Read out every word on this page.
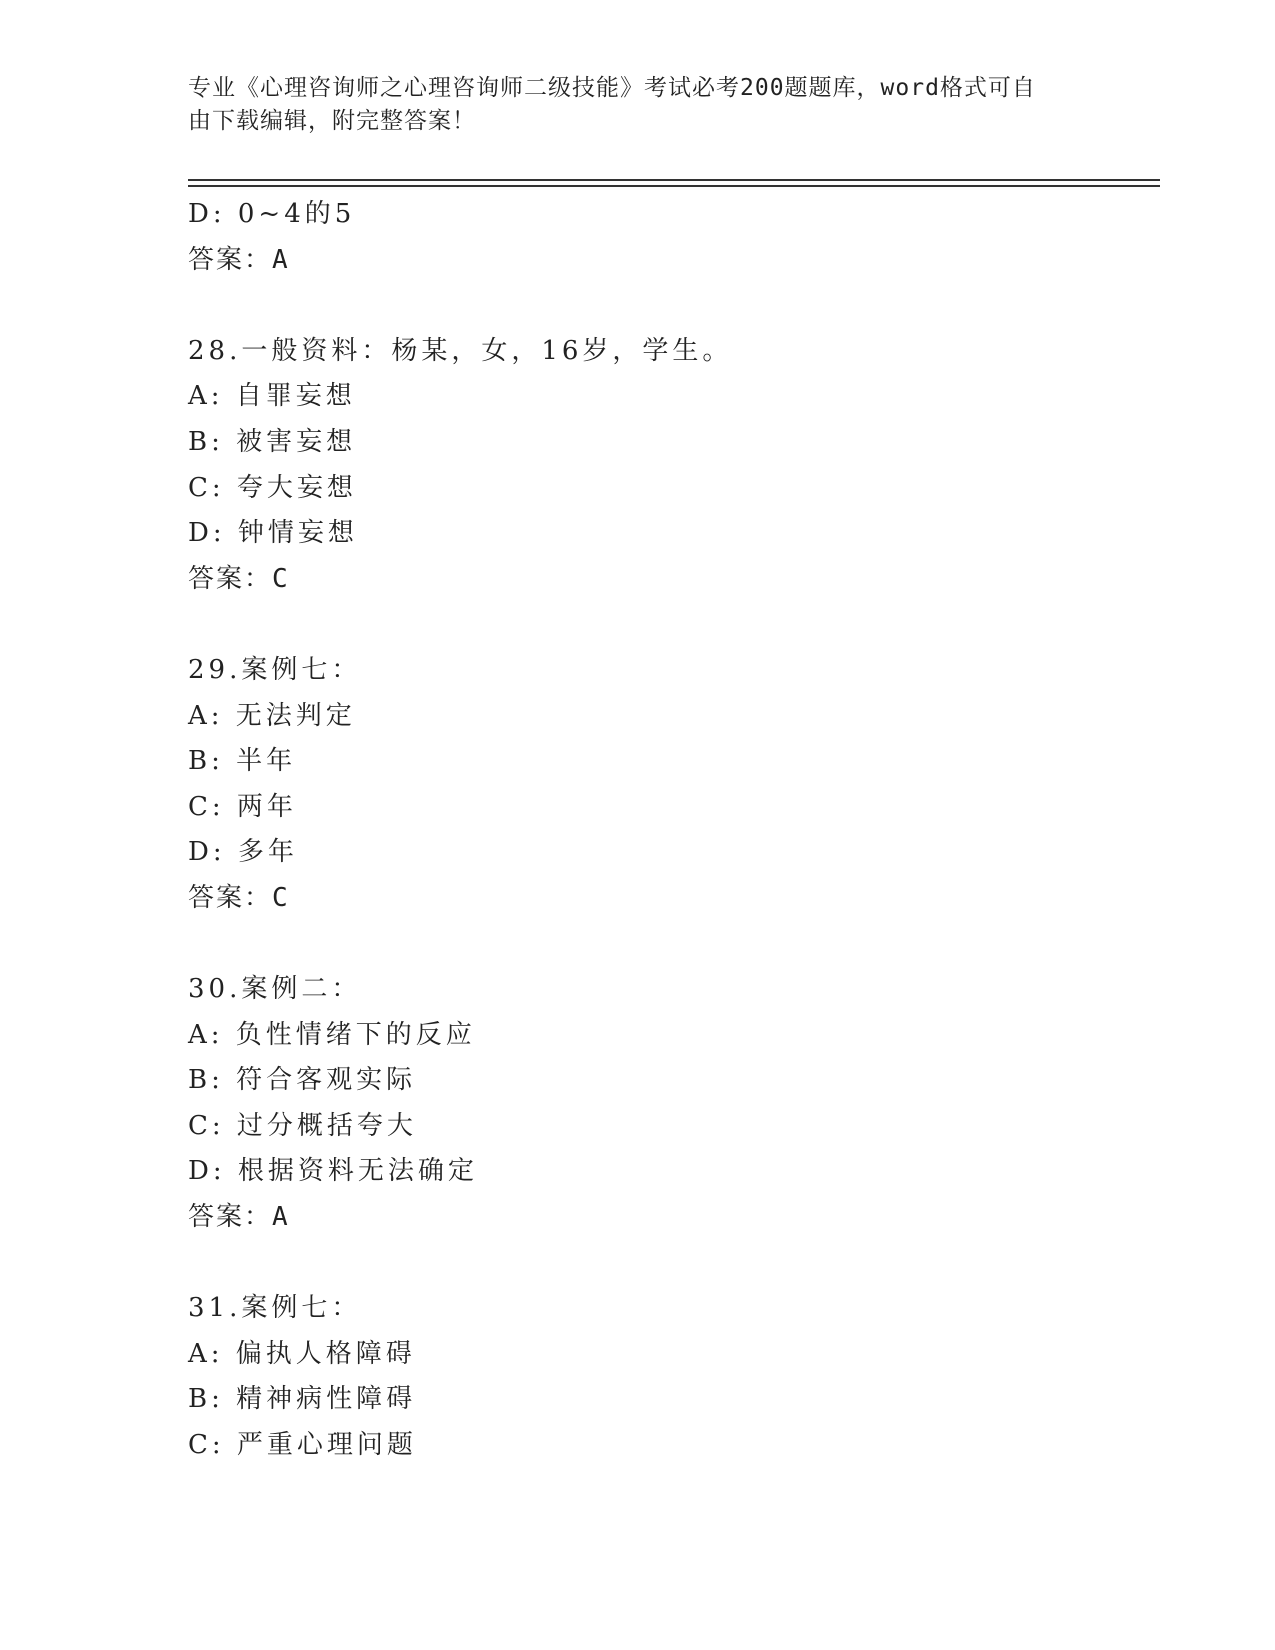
专业《心理咨询师之心理咨询师二级技能》考试必考200题题库，word格式可自
由下载编辑，附完整答案！
D: 0~4的5
答案：A
28.一般资料：杨某，女，16岁，学生。
A: 自罪妄想
B: 被害妄想
C: 夸大妄想
D: 钟情妄想
答案：C
29.案例七：
A: 无法判定
B: 半年
C: 两年
D: 多年
答案：C
30.案例二：
A: 负性情绪下的反应
B: 符合客观实际
C: 过分概括夸大
D: 根据资料无法确定
答案：A
31.案例七：
A: 偏执人格障碍
B: 精神病性障碍
C: 严重心理问题
